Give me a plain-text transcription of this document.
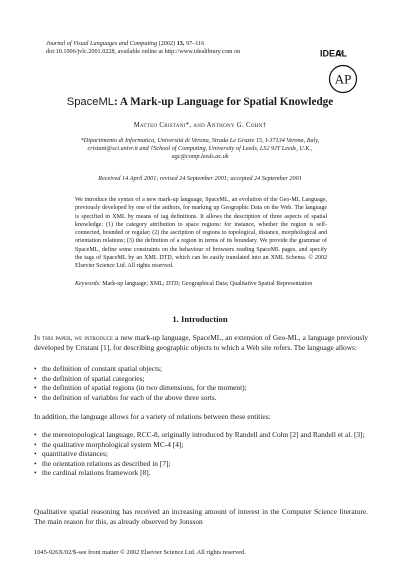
Journal of Visual Languages and Computing (2002) 13, 97–116
doi:10.1006/jvlc.2001.0228, available online at http://www.idealibrary.com on	IDEAL
AP
SpaceML: A Mark-up Language for Spatial Knowledge
Matteo Cristani*, and Anthony G. Cohn†
*Dipartimento di Informatica, Università di Verona, Strada Le Grazie 15, I-37134 Verona, Italy,
cristani@sci.univr.it and †School of Computing, University of Leeds, LS2 9JT Leeds, U.K.,
agc@comp.leeds.ac.uk
Received 14 April 2001; revised 24 September 2001; accepted 24 September 2001
We introduce the syntax of a new mark-up language, SpaceML, an evolution of the Geo-ML Language, previously developed by one of the authors, for marking up Geographic Data on the Web. The language is specified in XML by means of tag definitions. It allows the description of three aspects of spatial knowledge: (1) the category attribution to space regions: for instance, whether the region is self-connected, bounded or regular; (2) the ascription of regions to topological, distance, morphological and orientation relations; (3) the definition of a region in terms of its boundary. We provide the grammar of SpaceML, define some constraints on the behaviour of browsers reading SpaceML pages, and specify the tags of SpaceML by an XML DTD, which can be easily translated into an XML Schema. © 2002 Elsevier Science Ltd. All rights reserved.
Keywords: Mark-up language; XML; DTD; Geographical Data; Qualitative Spatial Representation
1. Introduction
In this paper, we introduce a new mark-up language, SpaceML, an extension of Geo-ML, a language previously developed by Cristani [1], for describing geographic objects to which a Web site refers. The language allows:
• the definition of constant spatial objects;
• the definition of spatial categories;
• the definition of spatial regions (in two dimensions, for the moment);
• the definition of variables for each of the above three sorts.
In addition, the language allows for a variety of relations between these entities:
• the mereotopological language, RCC-8, originally introduced by Randell and Cohn [2] and Randell et al. [3];
• the qualitative morphological system MC-4 [4];
• quantitative distances;
• the orientation relations as described in [7];
• the cardinal relations framework [8].
Qualitative spatial reasoning has received an increasing amount of interest in the Computer Science literature. The main reason for this, as already observed by Jonsson
1045-926X/02/$-see front matter © 2002 Elsevier Science Ltd. All rights reserved.
